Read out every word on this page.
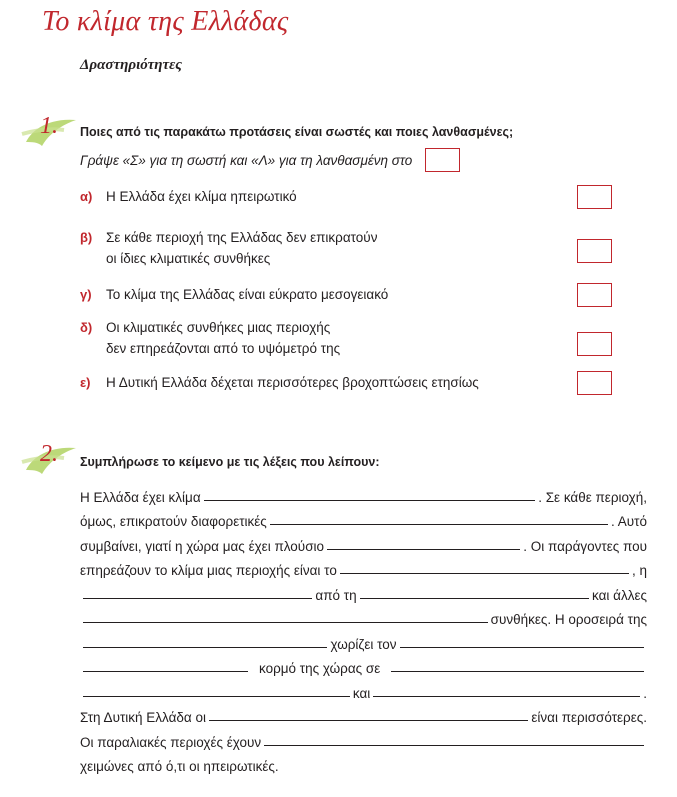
Το κλίμα της Ελλάδας
Δραστηριότητες
1. Ποιες από τις παρακάτω προτάσεις είναι σωστές και ποιες λανθασμένες;
Γράψε «Σ» για τη σωστή και «Λ» για τη λανθασμένη στο
α) Η Ελλάδα έχει κλίμα ηπειρωτικό
β) Σε κάθε περιοχή της Ελλάδας δεν επικρατούν
οι ίδιες κλιματικές συνθήκες
γ) Το κλίμα της Ελλάδας είναι εύκρατο μεσογειακό
δ) Οι κλιματικές συνθήκες μιας περιοχής
δεν επηρεάζονται από το υψόμετρό της
ε) Η Δυτική Ελλάδα δέχεται περισσότερες βροχοπτώσεις ετησίως
2. Συμπλήρωσε το κείμενο με τις λέξεις που λείπουν:
Η Ελλάδα έχει κλίμα	. Σε κάθε περιοχή,
όμως, επικρατούν διαφορετικές	. Αυτό
συμβαίνει, γιατί η χώρα μας έχει πλούσιο	. Οι παράγοντες που
επηρεάζουν το κλίμα μιας περιοχής είναι το	, η
από τη	και άλλες
συνθήκες. Η οροσειρά της
χωρίζει τον
κορμό της χώρας σε
και	.
Στη Δυτική Ελλάδα οι	είναι περισσότερες.
Οι παραλιακές περιοχές έχουν
χειμώνες από ό,τι οι ηπειρωτικές.
